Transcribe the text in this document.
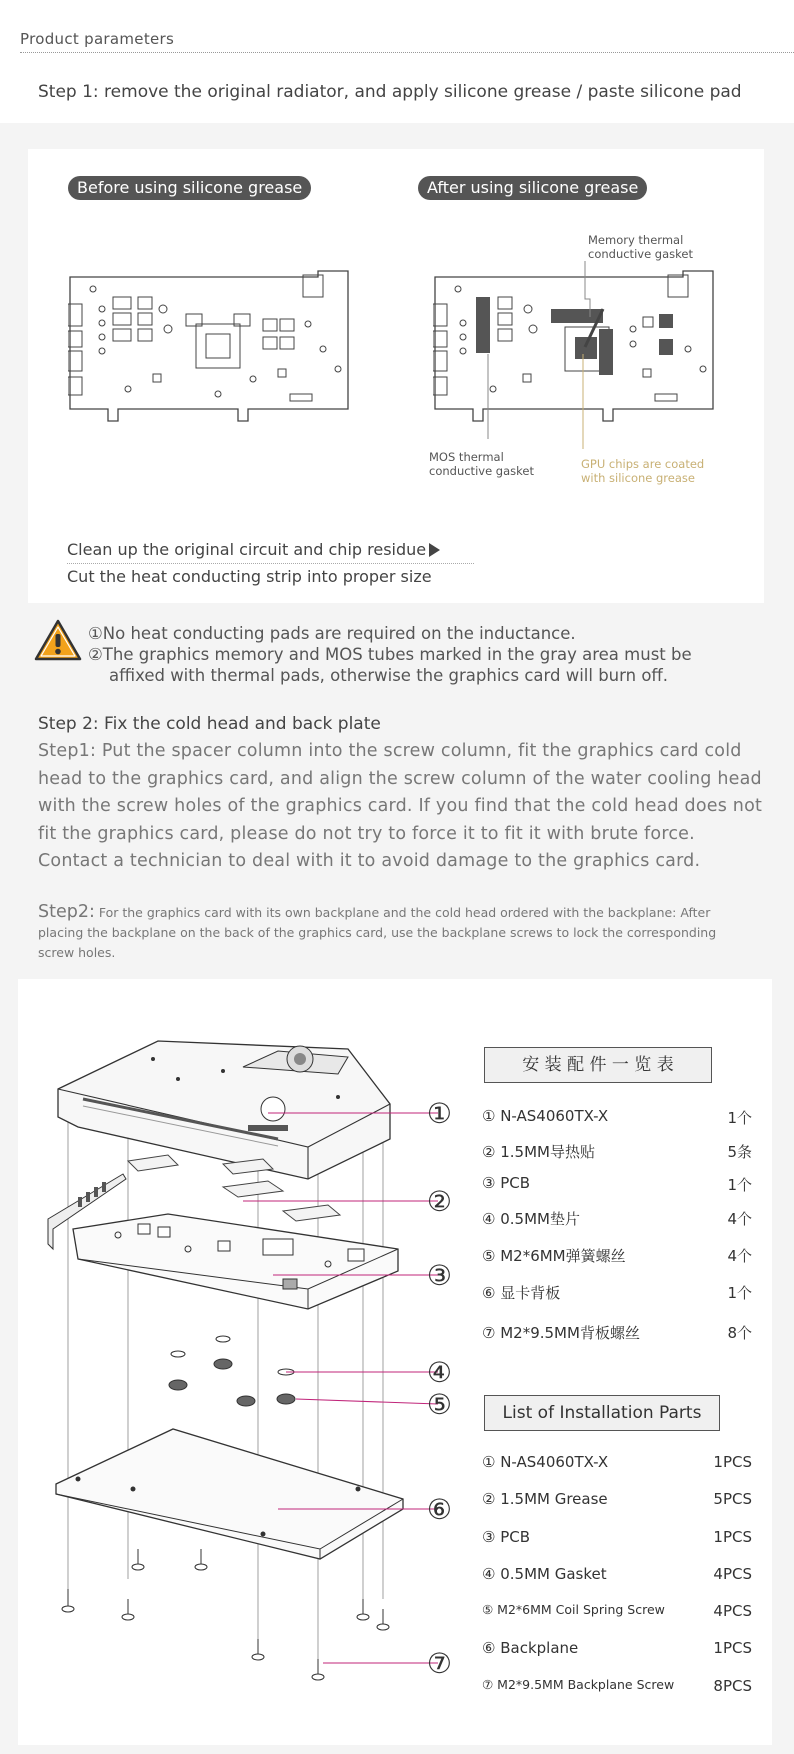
Product parameters
Step 1: remove the original radiator, and apply silicone grease / paste silicone pad
Before using silicone grease	After using silicone grease
Memory thermal
conductive gasket
MOS thermal
conductive gasket	GPU chips are coated
with silicone grease
Clean up the original circuit and chip residue
Cut the heat conducting strip into proper size
①No heat conducting pads are required on the inductance.
②The graphics memory and MOS tubes marked in the gray area must be
affixed with thermal pads, otherwise the graphics card will burn off.
Step 2: Fix the cold head and back plate
Step1: Put the spacer column into the screw column, fit the graphics card cold head to the graphics card, and align the screw column of the water cooling head with the screw holes of the graphics card. If you find that the cold head does not fit the graphics card, please do not try to force it to fit it with brute force. Contact a technician to deal with it to avoid damage to the graphics card.
Step2: For the graphics card with its own backplane and the cold head ordered with the backplane: After placing the backplane on the back of the graphics card, use the backplane screws to lock the corresponding screw holes.
①
②
③
④
⑤
⑥
⑦
安 装 配 件 一 览 表
① N-AS4060TX-X	1个
② 1.5MM导热贴	5条
③ PCB	1个
④ 0.5MM垫片	4个
⑤ M2*6MM弹簧螺丝	4个
⑥ 显卡背板	1个
⑦ M2*9.5MM背板螺丝	8个
List of Installation Parts
① N-AS4060TX-X	1PCS
② 1.5MM Grease	5PCS
③ PCB	1PCS
④ 0.5MM Gasket	4PCS
⑤ M2*6MM Coil Spring Screw	4PCS
⑥ Backplane	1PCS
⑦ M2*9.5MM Backplane Screw	8PCS
